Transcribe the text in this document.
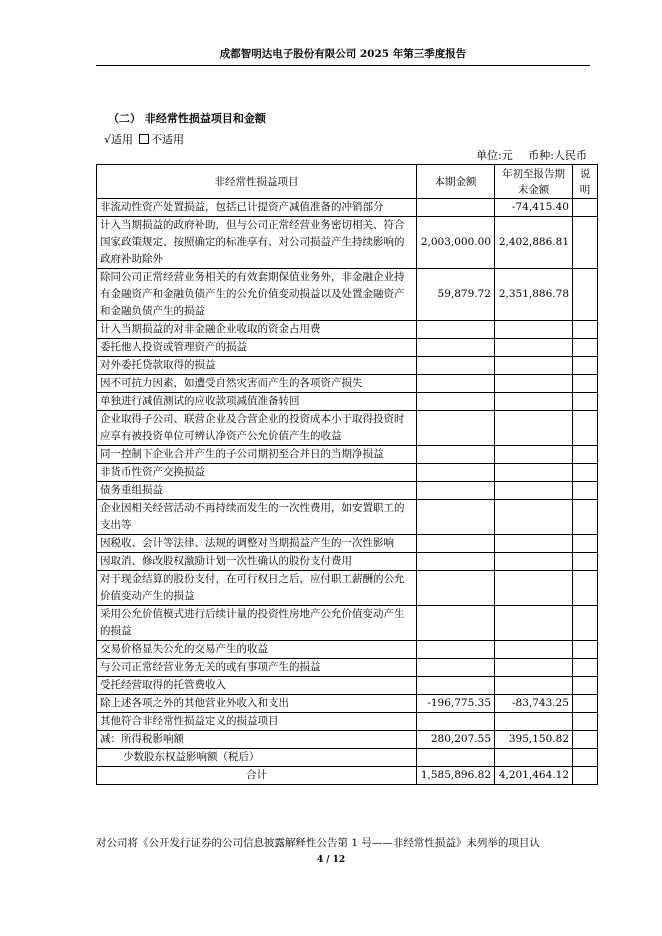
成都智明达电子股份有限公司 2025 年第三季度报告
（二） 非经常性损益项目和金额
√适用 不适用
单位:元 币种:人民币
非经常性损益项目	本期金额	年初至报告期末金额	说明
非流动性资产处置损益，包括已计提资产减值准备的冲销部分		-74,415.40	
计入当期损益的政府补助，但与公司正常经营业务密切相关、符合国家政策规定、按照确定的标准享有、对公司损益产生持续影响的政府补助除外	2,003,000.00	2,402,886.81	
除同公司正常经营业务相关的有效套期保值业务外，非金融企业持有金融资产和金融负债产生的公允价值变动损益以及处置金融资产和金融负债产生的损益	59,879.72	2,351,886.78	
计入当期损益的对非金融企业收取的资金占用费			
委托他人投资或管理资产的损益			
对外委托贷款取得的损益			
因不可抗力因素，如遭受自然灾害而产生的各项资产损失			
单独进行减值测试的应收款项减值准备转回			
企业取得子公司、联营企业及合营企业的投资成本小于取得投资时应享有被投资单位可辨认净资产公允价值产生的收益			
同一控制下企业合并产生的子公司期初至合并日的当期净损益			
非货币性资产交换损益			
债务重组损益			
企业因相关经营活动不再持续而发生的一次性费用，如安置职工的支出等			
因税收、会计等法律、法规的调整对当期损益产生的一次性影响			
因取消、修改股权激励计划一次性确认的股份支付费用			
对于现金结算的股份支付，在可行权日之后，应付职工薪酬的公允价值变动产生的损益			
采用公允价值模式进行后续计量的投资性房地产公允价值变动产生的损益			
交易价格显失公允的交易产生的收益			
与公司正常经营业务无关的或有事项产生的损益			
受托经营取得的托管费收入			
除上述各项之外的其他营业外收入和支出	-196,775.35	-83,743.25	
其他符合非经常性损益定义的损益项目			
减：所得税影响额	280,207.55	395,150.82	
少数股东权益影响额（税后）			
合计	1,585,896.82	4,201,464.12	
对公司将《公开发行证券的公司信息披露解释性公告第 1 号——非经常性损益》未列举的项目认
4 / 12
